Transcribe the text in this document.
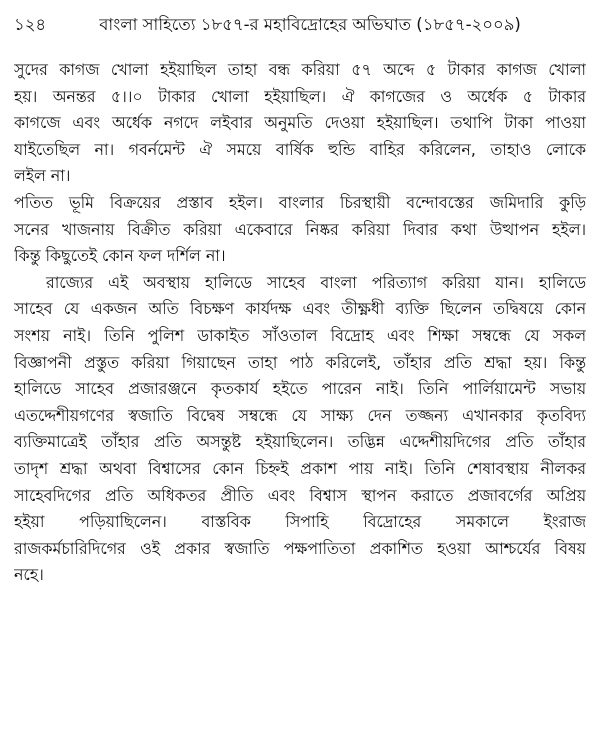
১২৪	বাংলা সাহিত্যে ১৮৫৭-র মহাবিদ্রোহের অভিঘাত (১৮৫৭-২০০৯)
সুদের কাগজ খোলা হইয়াছিল তাহা বন্ধ করিয়া ৫৭ অব্দে ৫ টাকার কাগজ খোলা
হয়। অনন্তর ৫।।০ টাকার খোলা হইয়াছিল। ঐ কাগজের ও অর্ধেক ৫ টাকার
কাগজে এবং অর্ধেক নগদে লইবার অনুমতি দেওয়া হইয়াছিল। তথাপি টাকা পাওয়া
যাইতেছিল না। গবর্নমেন্ট ঐ সময়ে বার্ষিক হুন্ডি বাহির করিলেন, তাহাও লোকে
লইল না।
পতিত ভূমি বিক্রয়ের প্রস্তাব হইল। বাংলার চিরস্থায়ী বন্দোবস্তের জমিদারি কুড়ি
সনের খাজনায় বিক্রীত করিয়া একেবারে নিষ্কর করিয়া দিবার কথা উত্থাপন হইল।
কিন্তু কিছুতেই কোন ফল দর্শিল না।
রাজ্যের এই অবস্থায় হালিডে সাহেব বাংলা পরিত্যাগ করিয়া যান। হালিডে
সাহেব যে একজন অতি বিচক্ষণ কার্যদক্ষ এবং তীক্ষ্ণধী ব্যক্তি ছিলেন তদ্বিষয়ে কোন
সংশয় নাই। তিনি পুলিশ ডাকাইত সাঁওতাল বিদ্রোহ এবং শিক্ষা সম্বন্ধে যে সকল
বিজ্ঞাপনী প্রস্তুত করিয়া গিয়াছেন তাহা পাঠ করিলেই, তাঁহার প্রতি শ্রদ্ধা হয়। কিন্তু
হালিডে সাহেব প্রজারঞ্জনে কৃতকার্য হইতে পারেন নাই। তিনি পার্লিয়ামেন্ট সভায়
এতদ্দেশীয়গণের স্বজাতি বিদ্বেষ সম্বন্ধে যে সাক্ষ্য দেন তজ্জন্য এখানকার কৃতবিদ্য
ব্যক্তিমাত্রেই তাঁহার প্রতি অসন্তুষ্ট হইয়াছিলেন। তদ্ভিন্ন এদ্দেশীয়দিগের প্রতি তাঁহার
তাদৃশ শ্রদ্ধা অথবা বিশ্বাসের কোন চিহ্নই প্রকাশ পায় নাই। তিনি শেষাবস্থায় নীলকর
সাহেবদিগের প্রতি অধিকতর প্রীতি এবং বিশ্বাস স্থাপন করাতে প্রজাবর্গের অপ্রিয়
হইয়া পড়িয়াছিলেন। বাস্তবিক সিপাহি বিদ্রোহের সমকালে ইংরাজ
রাজকর্মচারিদিগের ওই প্রকার স্বজাতি পক্ষপাতিতা প্রকাশিত হওয়া আশ্চর্যের বিষয়
নহে।
